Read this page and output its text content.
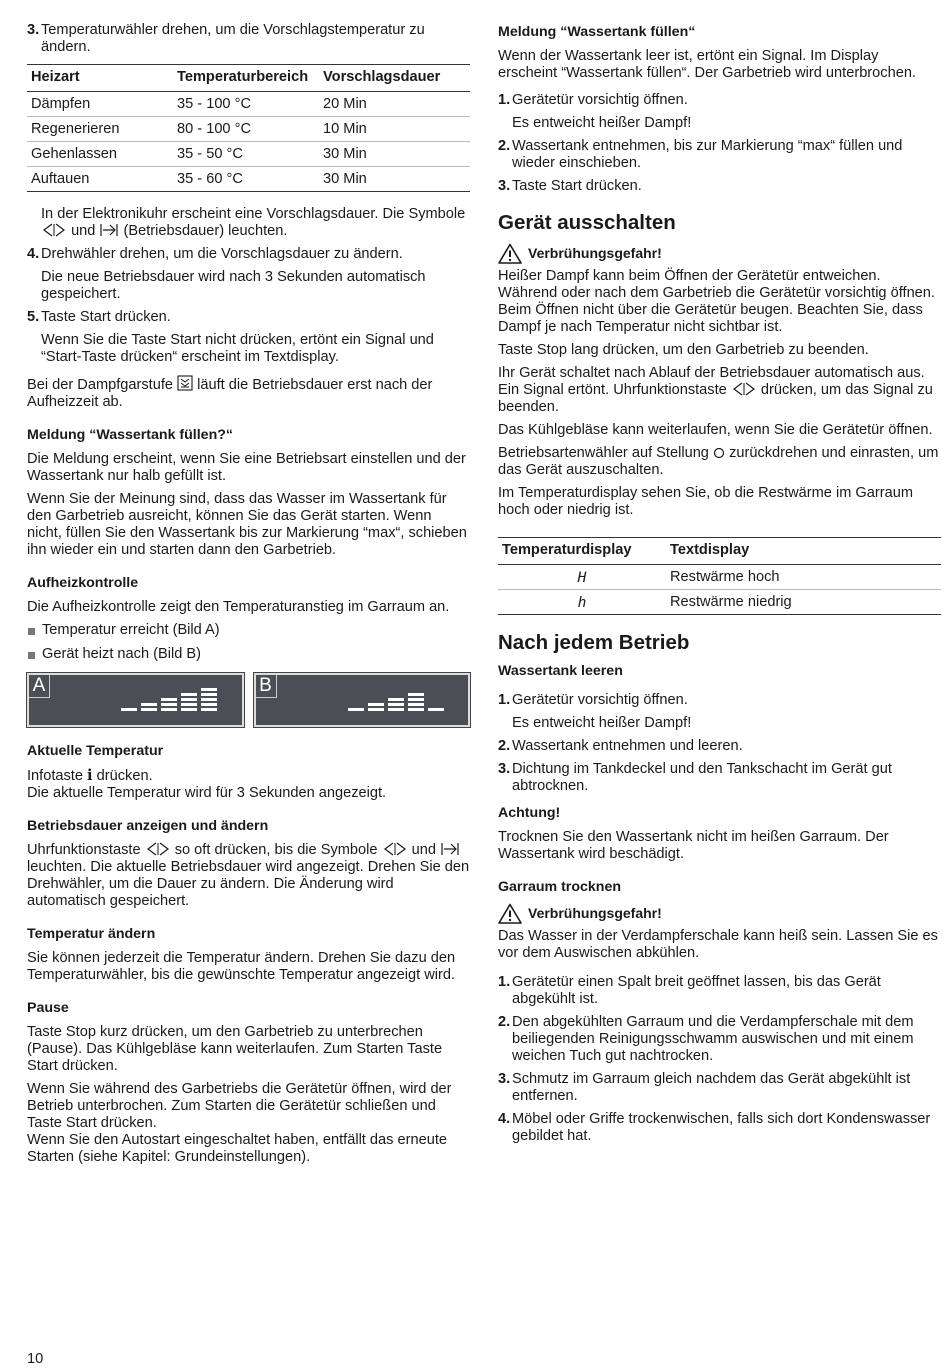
3. Temperaturwähler drehen, um die Vorschlagstemperatur zu ändern.
Heizart	Temperaturbereich	Vorschlagsdauer
Dämpfen	35 - 100 °C	20 Min
Regenerieren	80 - 100 °C	10 Min
Gehenlassen	35 - 50 °C	30 Min
Auftauen	35 - 60 °C	30 Min

In der Elektronikuhr erscheint eine Vorschlagsdauer. Die Symbole  und (Betriebsdauer) leuchten.

4. Drehwähler drehen, um die Vorschlagsdauer zu ändern.

Die neue Betriebsdauer wird nach 3 Sekunden automatisch gespeichert.

5. Taste Start drücken.

Wenn Sie die Taste Start nicht drücken, ertönt ein Signal und “Start-Taste drücken“ erscheint im Textdisplay.

Bei der Dampfgarstufe läuft die Betriebsdauer erst nach der Aufheizzeit ab.

Meldung “Wassertank füllen?“

Die Meldung erscheint, wenn Sie eine Betriebsart einstellen und der Wassertank nur halb gefüllt ist.

Wenn Sie der Meinung sind, dass das Wasser im Wassertank für den Garbetrieb ausreicht, können Sie das Gerät starten. Wenn nicht, füllen Sie den Wassertank bis zur Markierung “max“, schieben ihn wieder ein und starten dann den Garbetrieb.

Aufheizkontrolle

Die Aufheizkontrolle zeigt den Temperaturanstieg im Garraum an.

Temperatur erreicht (Bild A)
Gerät heizt nach (Bild B)
A	B
Aktuelle Temperatur

Infotaste i drücken.

Die aktuelle Temperatur wird für 3 Sekunden angezeigt.

Betriebsdauer anzeigen und ändern

Uhrfunktionstaste so oft drücken, bis die Symbole und  leuchten. Die aktuelle Betriebsdauer wird angezeigt. Drehen Sie den Drehwähler, um die Dauer zu ändern. Die Änderung wird automatisch gespeichert.

Temperatur ändern

Sie können jederzeit die Temperatur ändern. Drehen Sie dazu den Temperaturwähler, bis die gewünschte Temperatur angezeigt wird.

Pause

Taste Stop kurz drücken, um den Garbetrieb zu unterbrechen (Pause). Das Kühlgebläse kann weiterlaufen. Zum Starten Taste Start drücken.

Wenn Sie während des Garbetriebs die Gerätetür öffnen, wird der Betrieb unterbrochen. Zum Starten die Gerätetür schließen und Taste Start drücken.

Wenn Sie den Autostart eingeschaltet haben, entfällt das erneute Starten (siehe Kapitel: Grundeinstellungen).

Meldung “Wassertank füllen“

Wenn der Wassertank leer ist, ertönt ein Signal. Im Display erscheint “Wassertank füllen“. Der Garbetrieb wird unterbrochen.

1. Gerätetür vorsichtig öffnen.

Es entweicht heißer Dampf!

2. Wassertank entnehmen, bis zur Markierung “max“ füllen und wieder einschieben.
3. Taste Start drücken.
Gerät ausschalten
Verbrühungsgefahr!

Heißer Dampf kann beim Öffnen der Gerätetür entweichen. Während oder nach dem Garbetrieb die Gerätetür vorsichtig öffnen. Beim Öffnen nicht über die Gerätetür beugen. Beachten Sie, dass Dampf je nach Temperatur nicht sichtbar ist.

Taste Stop lang drücken, um den Garbetrieb zu beenden.

Ihr Gerät schaltet nach Ablauf der Betriebsdauer automatisch aus. Ein Signal ertönt. Uhrfunktionstaste drücken, um das Signal zu beenden.

Das Kühlgebläse kann weiterlaufen, wenn Sie die Gerätetür öffnen.

Betriebsartenwähler auf Stellung zurückdrehen und einrasten, um das Gerät auszuschalten.

Im Temperaturdisplay sehen Sie, ob die Restwärme im Garraum hoch oder niedrig ist.

Temperaturdisplay	Textdisplay
H	Restwärme hoch
h	Restwärme niedrig
Nach jedem Betrieb
Wassertank leeren
1. Gerätetür vorsichtig öffnen.

Es entweicht heißer Dampf!

2. Wassertank entnehmen und leeren.
3. Dichtung im Tankdeckel und den Tankschacht im Gerät gut abtrocknen.
Achtung!

Trocknen Sie den Wassertank nicht im heißen Garraum. Der Wassertank wird beschädigt.

Garraum trocknen
Verbrühungsgefahr!

Das Wasser in der Verdampferschale kann heiß sein. Lassen Sie es vor dem Auswischen abkühlen.

1. Gerätetür einen Spalt breit geöffnet lassen, bis das Gerät abgekühlt ist.
2. Den abgekühlten Garraum und die Verdampferschale mit dem beiliegenden Reinigungsschwamm auswischen und mit einem weichen Tuch gut nachtrocken.
3. Schmutz im Garraum gleich nachdem das Gerät abgekühlt ist entfernen.
4. Möbel oder Griffe trockenwischen, falls sich dort Kondenswasser gebildet hat.
10
